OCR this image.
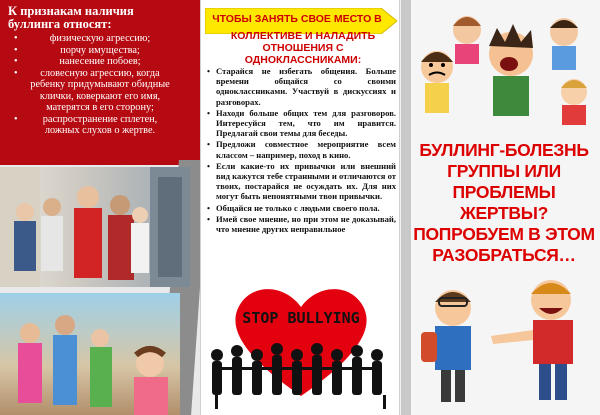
К признакам наличия буллинга относят:
• физическую агрессию;
• порчу имущества;
• нанесение побоев;
• словесную агрессию, когда ребенку придумывают обидные клички, коверкают его имя, матерятся в его сторону;
• распространение сплетен, ложных слухов о жертве.
ЧТОБЫ ЗАНЯТЬ СВОЕ МЕСТО В
КОЛЛЕКТИВЕ И НАЛАДИТЬ ОТНОШЕНИЯ С ОДНОКЛАССНИКАМИ:
• Старайся не избегать общения. Больше времени общайся со своими одноклассниками. Участвуй в дискуссиях и разговорах.
• Находи больше общих тем для разговоров. Интересуйся тем, что им нравится. Предлагай свои темы для беседы.
• Предложи совместное мероприятие всем классом – например, поход в кино.
• Если какие-то их привычки или внешний вид кажутся тебе странными и отличаются от твоих, постарайся не осуждать их. Для них могут быть непонятными твои привычки.
• Общайся не только с людьми своего пола.
• Имей свое мнение, но при этом не доказывай, что мнение других неправильное
STOP BULLYING
БУЛЛИНГ-БОЛЕЗНЬ ГРУППЫ ИЛИ ПРОБЛЕМЫ ЖЕРТВЫ? ПОПРОБУЕМ В ЭТОМ РАЗОБРАТЬСЯ…
